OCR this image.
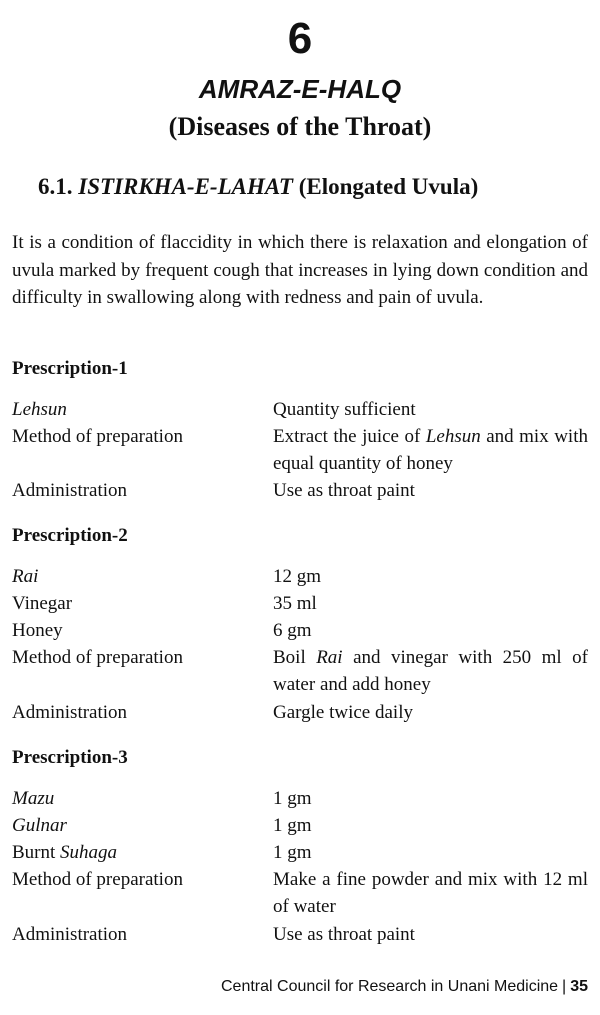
6
AMRAZ-E-HALQ
(Diseases of the Throat)
6.1. ISTIRKHA-E-LAHAT (Elongated Uvula)

It is a condition of flaccidity in which there is relaxation and elongation of uvula marked by frequent cough that increases in lying down condition and difficulty in swallowing along with redness and pain of uvula.

Prescription-1
Lehsun	Quantity sufficient
Method of preparation	Extract the juice of Lehsun and mix with equal quantity of honey
Administration	Use as throat paint
Prescription-2
Rai	12 gm
Vinegar	35 ml
Honey	6 gm
Method of preparation	Boil Rai and vinegar with 250 ml of water and add honey
Administration	Gargle twice daily
Prescription-3
Mazu	1 gm
Gulnar	1 gm
Burnt Suhaga	1 gm
Method of preparation	Make a fine powder and mix with 12 ml of water
Administration	Use as throat paint
Central Council for Research in Unani Medicine | 35
